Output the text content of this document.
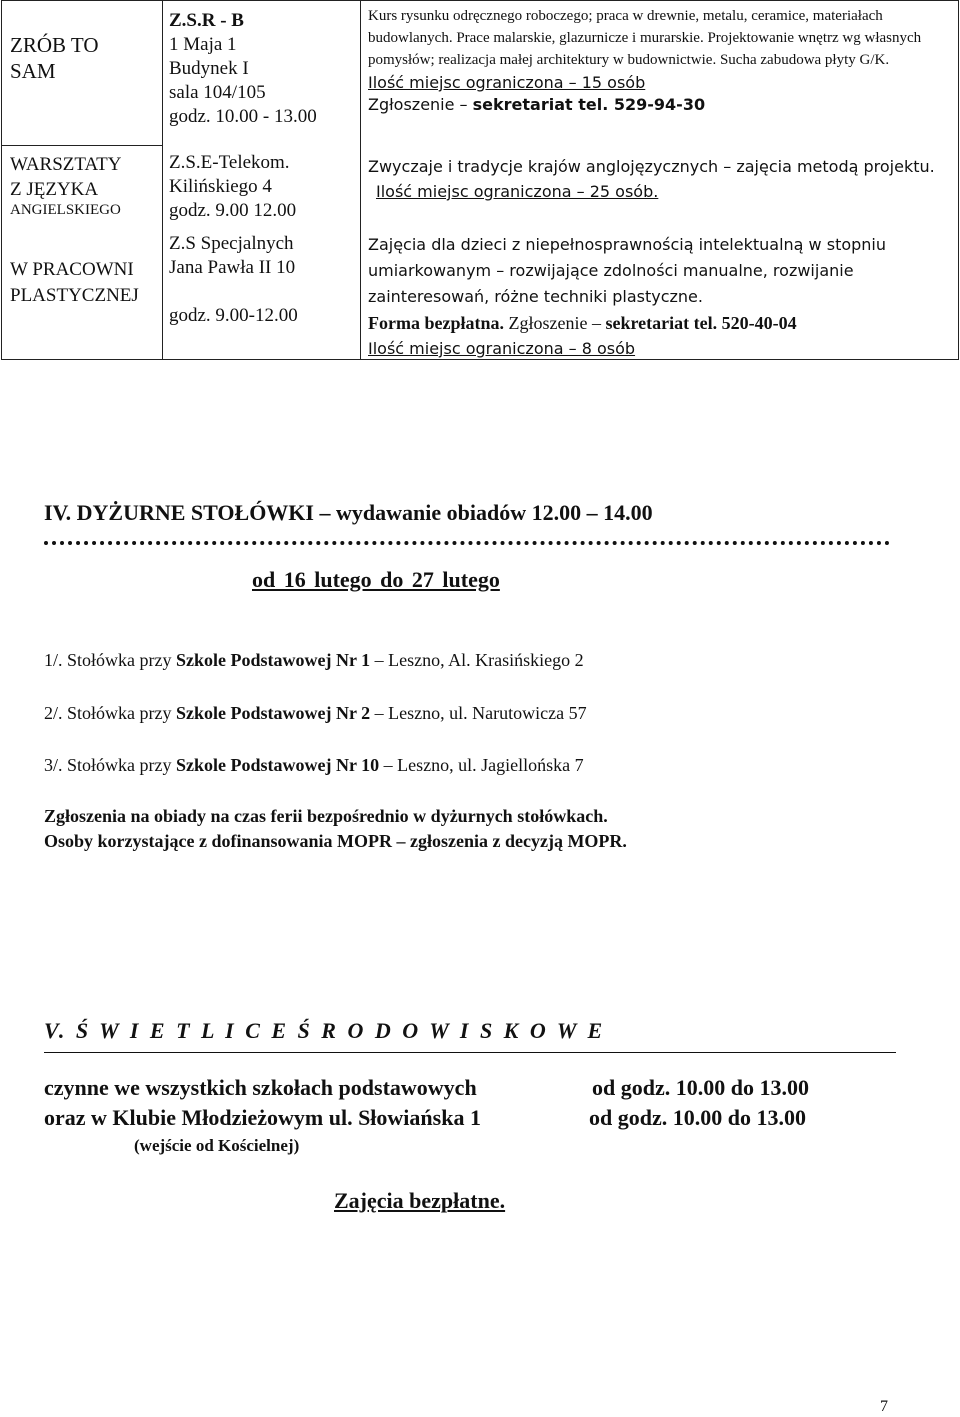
ZRÓB TO
SAM
WARSZTATY
Z JĘZYKA
ANGIELSKIEGO
W PRACOWNI
PLASTYCZNEJ
Z.S.R - B
1 Maja 1
Budynek I
sala 104/105
godz. 10.00 - 13.00
Z.S.E-Telekom.
Kilińskiego 4
godz. 9.00 12.00
Z.S Specjalnych
Jana Pawła II 10
godz. 9.00-12.00
Kurs rysunku odręcznego roboczego; praca w drewnie, metalu, ceramice, materiałach budowlanych. Prace malarskie, glazurnicze i murarskie. Projektowanie wnętrz wg własnych pomysłów; realizacja małej architektury w budownictwie. Sucha zabudowa płyty G/K.
Ilość miejsc ograniczona – 15 osób
Zgłoszenie – sekretariat tel. 529-94-30
Zwyczaje i tradycje krajów anglojęzycznych – zajęcia metodą projektu.
Ilość miejsc ograniczona – 25 osób.
Zajęcia dla dzieci z niepełnosprawnością intelektualną w stopniu umiarkowanym – rozwijające zdolności manualne, rozwijanie zainteresowań, różne techniki plastyczne.
Forma bezpłatna. Zgłoszenie – sekretariat tel. 520-40-04
Ilość miejsc ograniczona – 8 osób
IV. DYŻURNE STOŁÓWKI – wydawanie obiadów 12.00 – 14.00
od 16 lutego do 27 lutego
1/. Stołówka przy Szkole Podstawowej Nr 1 – Leszno, Al. Krasińskiego 2
2/. Stołówka przy Szkole Podstawowej Nr 2 – Leszno, ul. Narutowicza 57
3/. Stołówka przy Szkole Podstawowej Nr 10 – Leszno, ul. Jagiellońska 7
Zgłoszenia na obiady na czas ferii bezpośrednio w dyżurnych stołówkach.
Osoby korzystające z dofinansowania MOPR – zgłoszenia z decyzją MOPR.
V. Ś W I E T L I C E Ś R O D O W I S K O W E
czynne we wszystkich szkołach podstawowych	od godz. 10.00 do 13.00
oraz w Klubie Młodzieżowym ul. Słowiańska 1	od godz. 10.00 do 13.00
(wejście od Kościelnej)
Zajęcia bezpłatne.
7
